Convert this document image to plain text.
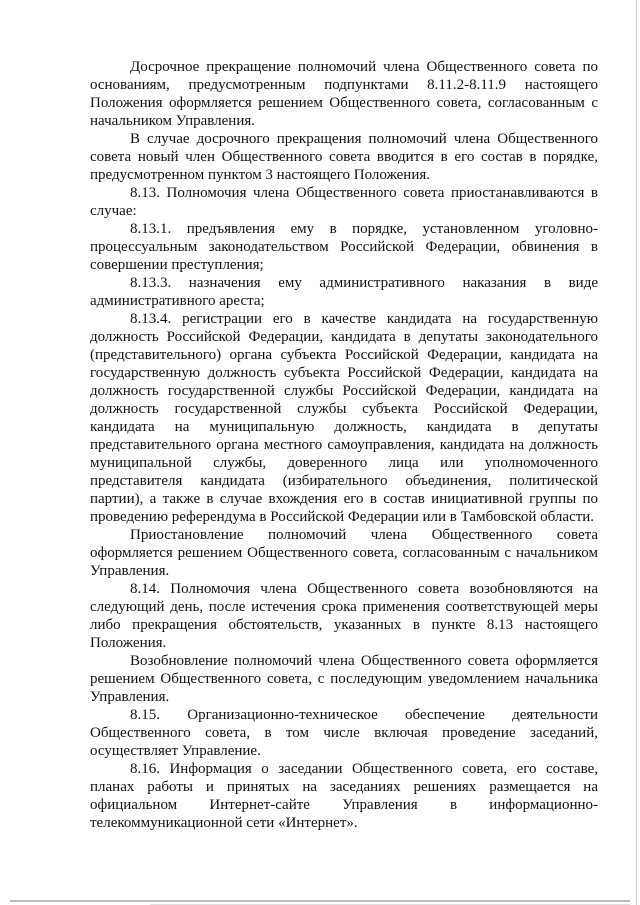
Досрочное прекращение полномочий члена Общественного совета по основаниям, предусмотренным подпунктами 8.11.2-8.11.9 настоящего Положения оформляется решением Общественного совета, согласованным с начальником Управления.

В случае досрочного прекращения полномочий члена Общественного совета новый член Общественного совета вводится в его состав в порядке, предусмотренном пунктом 3 настоящего Положения.

8.13. Полномочия члена Общественного совета приостанавливаются в случае:

8.13.1. предъявления ему в порядке, установленном уголовно-процессуальным законодательством Российской Федерации, обвинения в совершении преступления;

8.13.3. назначения ему административного наказания в виде административного ареста;

8.13.4. регистрации его в качестве кандидата на государственную должность Российской Федерации, кандидата в депутаты законодательного (представительного) органа субъекта Российской Федерации, кандидата на государственную должность субъекта Российской Федерации, кандидата на должность государственной службы Российской Федерации, кандидата на должность государственной службы субъекта Российской Федерации, кандидата на муниципальную должность, кандидата в депутаты представительного органа местного самоуправления, кандидата на должность муниципальной службы, доверенного лица или уполномоченного представителя кандидата (избирательного объединения, политической партии), а также в случае вхождения его в состав инициативной группы по проведению референдума в Российской Федерации или в Тамбовской области.

Приостановление полномочий члена Общественного совета оформляется решением Общественного совета, согласованным с начальником Управления.

8.14. Полномочия члена Общественного совета возобновляются на следующий день, после истечения срока применения соответствующей меры либо прекращения обстоятельств, указанных в пункте 8.13 настоящего Положения.

Возобновление полномочий члена Общественного совета оформляется решением Общественного совета, с последующим уведомлением начальника Управления.

8.15. Организационно-техническое обеспечение деятельности Общественного совета, в том числе включая проведение заседаний, осуществляет Управление.

8.16. Информация о заседании Общественного совета, его составе, планах работы и принятых на заседаниях решениях размещается на официальном Интернет-сайте Управления в информационно-телекоммуникационной сети «Интернет».
